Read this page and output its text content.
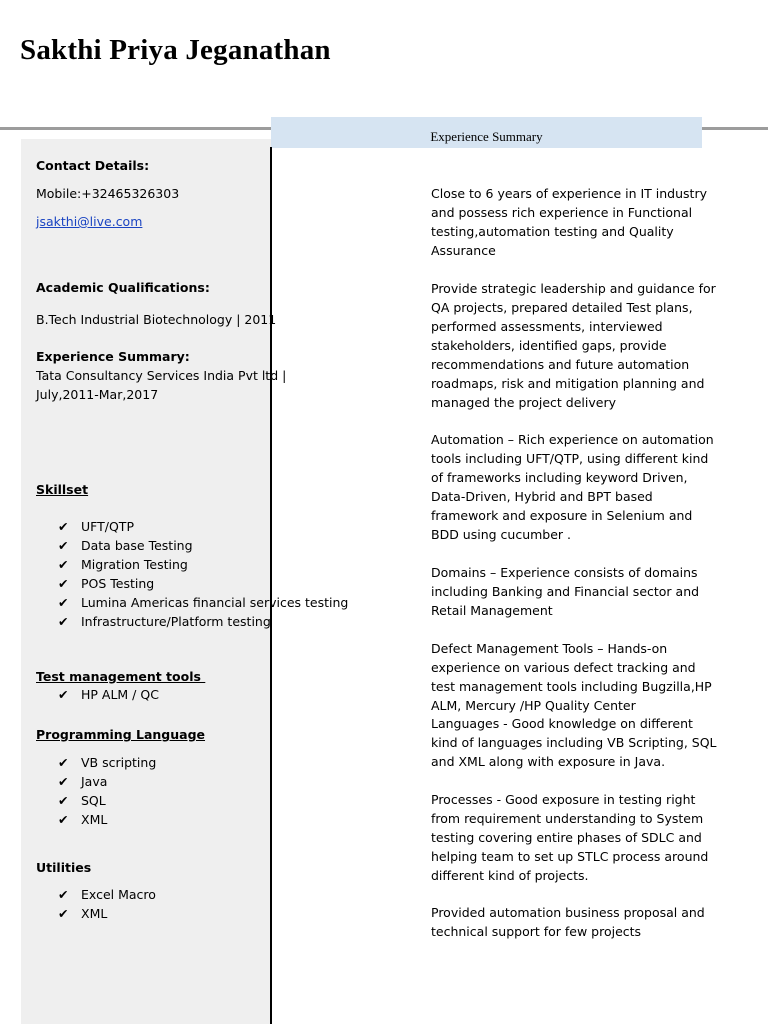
Sakthi Priya Jeganathan
Experience Summary
Contact Details:
Mobile:+32465326303
jsakthi@live.com
Academic Qualifications:
B.Tech Industrial Biotechnology | 2011
Experience Summary:
Tata Consultancy Services India Pvt ltd |
July,2011-Mar,2017
Skillset
✔	UFT/QTP
✔	Data base Testing
✔	Migration Testing
✔	POS Testing
✔	Lumina Americas financial services testing
✔	Infrastructure/Platform testing
Test management tools
✔	HP ALM / QC
Programming Language
✔	VB scripting
✔	Java
✔	SQL
✔	XML
Utilities
✔	Excel Macro
✔	XML
Close to 6 years of experience in IT industry and possess rich experience in Functional testing,automation testing and Quality Assurance
Provide strategic leadership and guidance for QA projects, prepared detailed Test plans, performed assessments, interviewed stakeholders, identified gaps, provide recommendations and future automation roadmaps, risk and mitigation planning and managed the project delivery
Automation – Rich experience on automation tools including UFT/QTP, using different kind of frameworks including keyword Driven, Data-Driven, Hybrid and BPT based framework and exposure in Selenium and BDD using cucumber .
Domains – Experience consists of domains including Banking and Financial sector and Retail Management
Defect Management Tools – Hands-on experience on various defect tracking and test management tools including Bugzilla,HP ALM, Mercury /HP Quality Center
Languages - Good knowledge on different kind of languages including VB Scripting, SQL and XML along with exposure in Java.
Processes - Good exposure in testing right from requirement understanding to System testing covering entire phases of SDLC and helping team to set up STLC process around different kind of projects.
Provided automation business proposal and technical support for few projects
